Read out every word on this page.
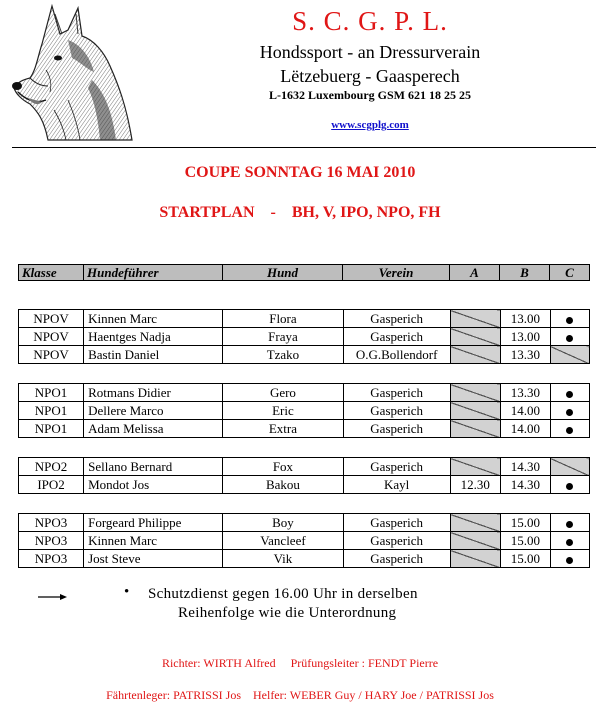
S. C. G. P. L.
Hondssport - an Dressurverain
Lëtzebuerg - Gaasperech
L-1632 Luxembourg GSM 621 18 25 25
www.scgplg.com
COUPE SONNTAG 16 MAI 2010
STARTPLAN    -    BH, V, IPO, NPO, FH
Klasse	Hundeführer	Hund	Verein	A	B	C
NPOV	Kinnen Marc	Flora	Gasperich		13.00	
NPOV	Haentges Nadja	Fraya	Gasperich		13.00	
NPOV	Bastin Daniel	Tzako	O.G.Bollendorf		13.30	
NPO1	Rotmans Didier	Gero	Gasperich		13.30	
NPO1	Dellere Marco	Eric	Gasperich		14.00	
NPO1	Adam Melissa	Extra	Gasperich		14.00	
NPO2	Sellano Bernard	Fox	Gasperich		14.30	
IPO2	Mondot Jos	Bakou	Kayl	12.30	14.30	
NPO3	Forgeard Philippe	Boy	Gasperich		15.00	
NPO3	Kinnen Marc	Vancleef	Gasperich		15.00	
NPO3	Jost Steve	Vik	Gasperich		15.00	
• Schutzdienst gegen 16.00 Uhr in derselben
Reihenfolge wie die Unterordnung
Richter: WIRTH Alfred     Prüfungsleiter : FENDT Pierre
Fährtenleger: PATRISSI Jos    Helfer: WEBER Guy / HARY Joe / PATRISSI Jos
